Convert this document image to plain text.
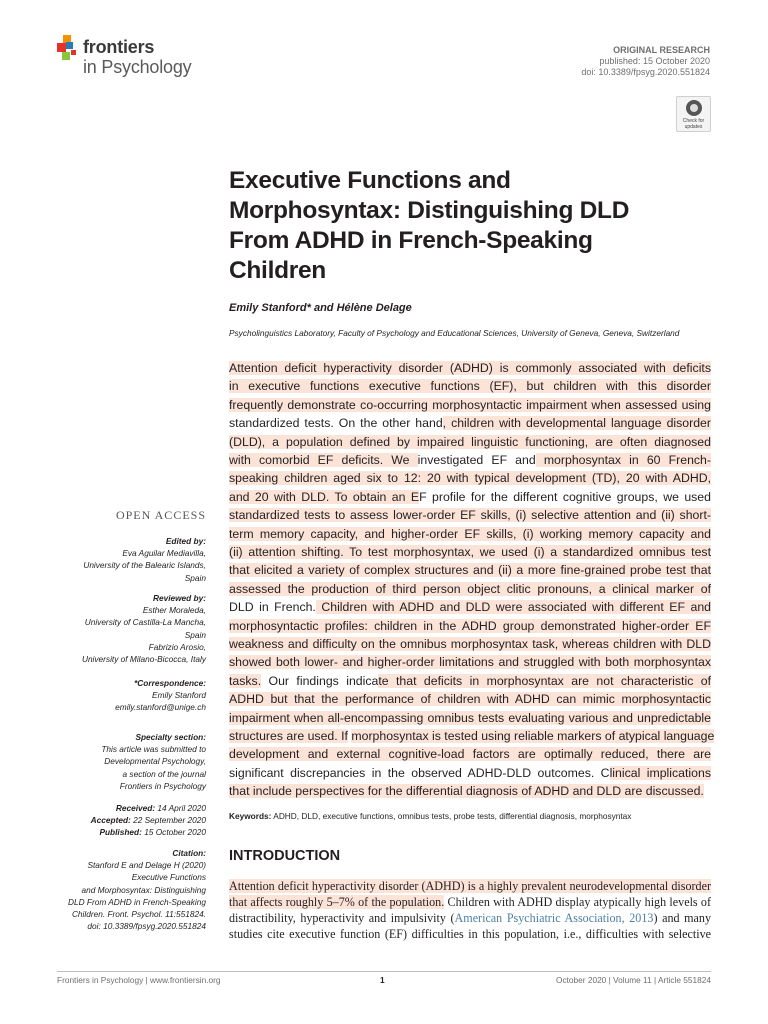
frontiers
in Psychology
ORIGINAL RESEARCH
published: 15 October 2020
doi: 10.3389/fpsyg.2020.551824
Check for updates
Executive Functions and
Morphosyntax: Distinguishing DLD
From ADHD in French-Speaking
Children
Emily Stanford* and Hélène Delage
Psycholinguistics Laboratory, Faculty of Psychology and Educational Sciences, University of Geneva, Geneva, Switzerland
Attention deficit hyperactivity disorder (ADHD) is commonly associated with deficits
in executive functions executive functions (EF), but children with this disorder
frequently demonstrate co-occurring morphosyntactic impairment when assessed using
standardized tests. On the other hand, children with developmental language disorder
(DLD), a population defined by impaired linguistic functioning, are often diagnosed
with comorbid EF deficits. We investigated EF and morphosyntax in 60 French-
speaking children aged six to 12: 20 with typical development (TD), 20 with ADHD,
and 20 with DLD. To obtain an EF profile for the different cognitive groups, we used
standardized tests to assess lower-order EF skills, (i) selective attention and (ii) short-
term memory capacity, and higher-order EF skills, (i) working memory capacity and
(ii) attention shifting. To test morphosyntax, we used (i) a standardized omnibus test
that elicited a variety of complex structures and (ii) a more fine-grained probe test that
assessed the production of third person object clitic pronouns, a clinical marker of
DLD in French. Children with ADHD and DLD were associated with different EF and
morphosyntactic profiles: children in the ADHD group demonstrated higher-order EF
weakness and difficulty on the omnibus morphosyntax task, whereas children with DLD
showed both lower- and higher-order limitations and struggled with both morphosyntax
tasks. Our findings indicate that deficits in morphosyntax are not characteristic of
ADHD but that the performance of children with ADHD can mimic morphosyntactic
impairment when all-encompassing omnibus tests evaluating various and unpredictable
structures are used. If morphosyntax is tested using reliable markers of atypical language
development and external cognitive-load factors are optimally reduced, there are
significant discrepancies in the observed ADHD-DLD outcomes. Clinical implications
that include perspectives for the differential diagnosis of ADHD and DLD are discussed.
Keywords: ADHD, DLD, executive functions, omnibus tests, probe tests, differential diagnosis, morphosyntax
INTRODUCTION
Attention deficit hyperactivity disorder (ADHD) is a highly prevalent neurodevelopmental disorder
that affects roughly 5–7% of the population. Children with ADHD display atypically high levels of
distractibility, hyperactivity and impulsivity (American Psychiatric Association, 2013) and many
studies cite executive function (EF) difficulties in this population, i.e., difficulties with selective
OPEN ACCESS
Edited by:
Eva Aguilar Mediavilla,
University of the Balearic Islands,
Spain
Reviewed by:
Esther Moraleda,
University of Castilla-La Mancha,
Spain
Fabrizio Arosio,
University of Milano-Bicocca, Italy
*Correspondence:
Emily Stanford
emily.stanford@unige.ch
Specialty section:
This article was submitted to
Developmental Psychology,
a section of the journal
Frontiers in Psychology
Received: 14 April 2020
Accepted: 22 September 2020
Published: 15 October 2020
Citation:
Stanford E and Delage H (2020)
Executive Functions
and Morphosyntax: Distinguishing
DLD From ADHD in French-Speaking
Children. Front. Psychol. 11:551824.
doi: 10.3389/fpsyg.2020.551824
Frontiers in Psychology | www.frontiersin.org	1	October 2020 | Volume 11 | Article 551824
